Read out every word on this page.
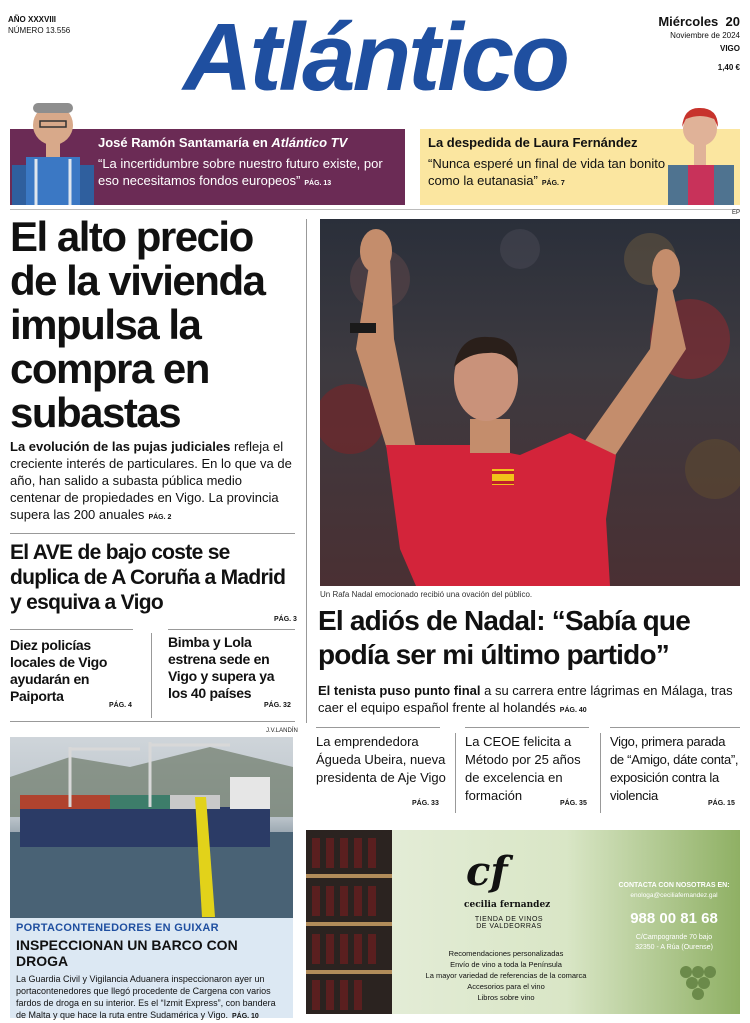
AÑO XXXVIII
NÚMERO 13.556	Atlántico	Miércoles 20
Noviembre de 2024
VIGO
1,40 €
José Ramón Santamaría en Atlántico TV
“La incertidumbre sobre nuestro futuro existe, por eso necesitamos fondos europeos” PÁG. 13
La despedida de Laura Fernández
“Nunca esperé un final de vida tan bonito como la eutanasia” PÁG. 7
EP
El alto precio de la vivienda impulsa la compra en subastas
La evolución de las pujas judiciales refleja el creciente interés de particulares. En lo que va de año, han salido a subasta pública medio centenar de propiedades en Vigo. La provincia supera las 200 anuales PÁG. 2
El AVE de bajo coste se duplica de A Coruña a Madrid y esquiva a Vigo
PÁG. 3
Diez policías locales de Vigo ayudarán en Paiporta
PÁG. 4
Bimba y Lola estrena sede en Vigo y supera ya los 40 países
PÁG. 32
Un Rafa Nadal emocionado recibió una ovación del público.
El adiós de Nadal: “Sabía que podía ser mi último partido”
El tenista puso punto final a su carrera entre lágrimas en Málaga, tras caer el equipo español frente al holandés PÁG. 40
La emprendedora Águeda Ubeira, nueva presidenta de Aje Vigo
PÁG. 33
La CEOE felicita a Método por 25 años de excelencia en formación
PÁG. 35
Vigo, primera parada de “Amigo, dáte conta”, exposición contra la violencia
PÁG. 15
J.V.LANDÍN
PORTACONTENEDORES EN GUIXAR
INSPECCIONAN UN BARCO CON DROGA
La Guardia Civil y Vigilancia Aduanera inspeccionaron ayer un portacontenedores que llegó procedente de Cargena con varios fardos de droga en su interior. Es el “Izmit Express”, con bandera de Malta y que hace la ruta entre Sudamérica y Vigo. PÁG. 10
cf
cecilia fernandez
TIENDA DE VINOS DE VALDEORRAS
Recomendaciones personalizadas
Envío de vino a toda la Península
La mayor variedad de referencias de la comarca
Accesorios para el vino
Libros sobre vino
CONTACTA CON NOSOTRAS EN:
enologa@ceciliafernandez.gal
988 00 81 68
C/Campogrande 70 bajo
32350 - A Rúa (Ourense)
